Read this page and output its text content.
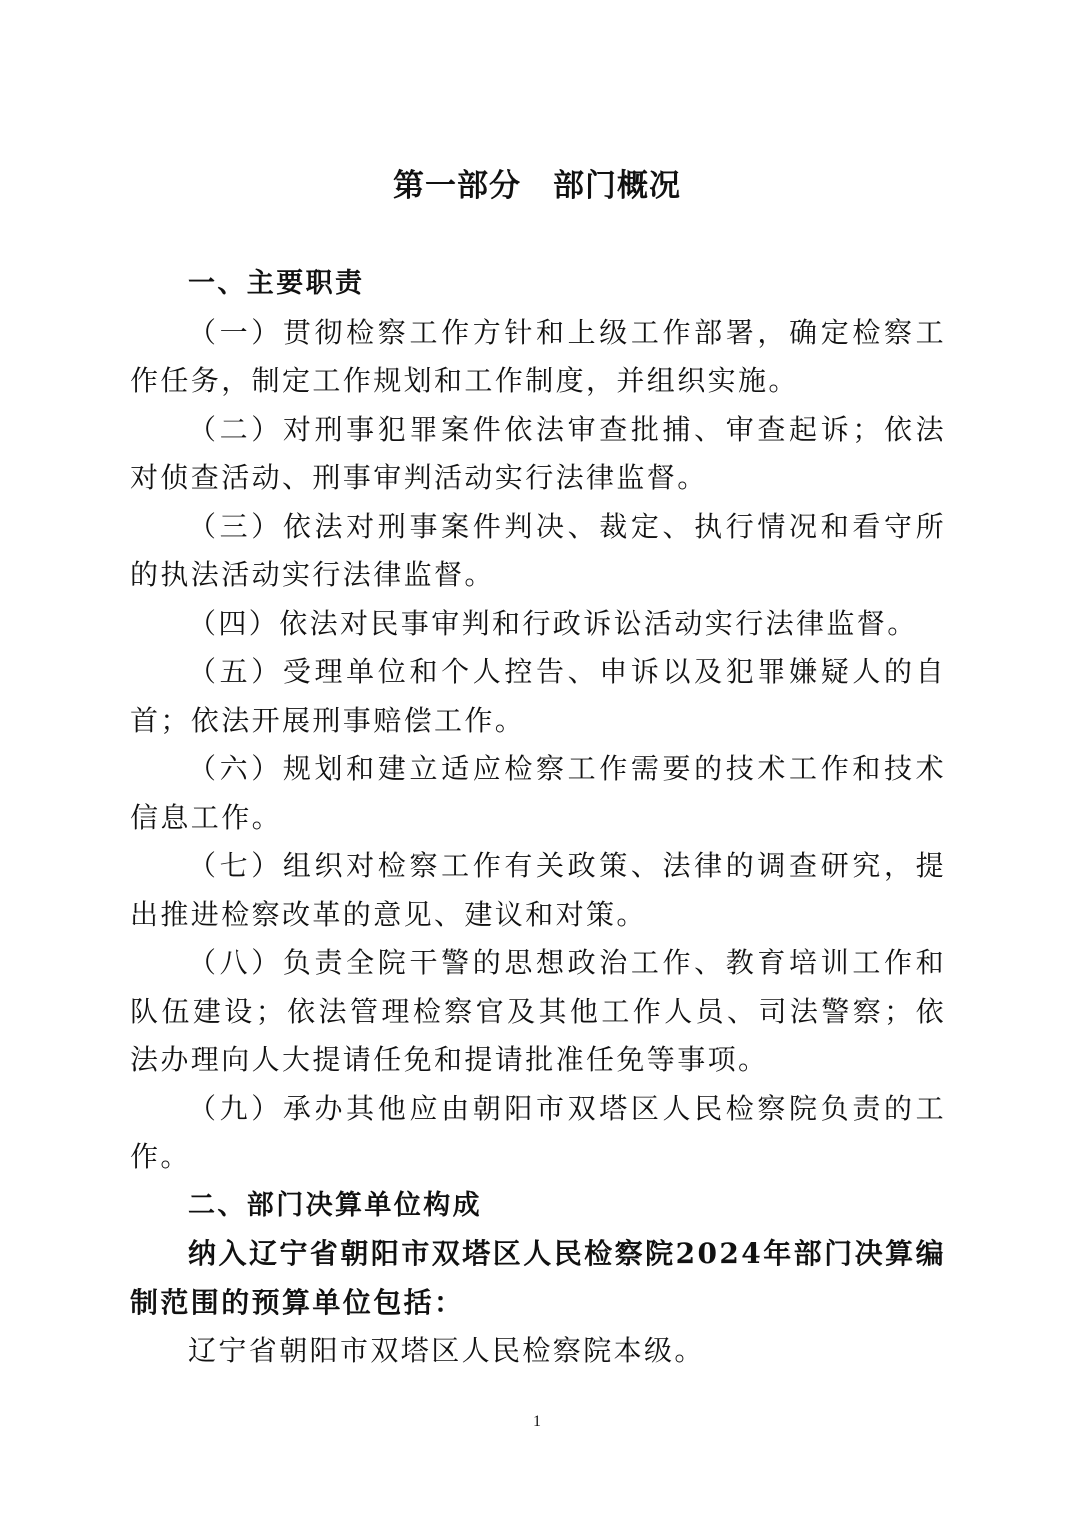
第一部分　部门概况

一、主要职责

（一）贯彻检察工作方针和上级工作部署，确定检察工作任务，制定工作规划和工作制度，并组织实施。

（二）对刑事犯罪案件依法审查批捕、审查起诉；依法对侦查活动、刑事审判活动实行法律监督。

（三）依法对刑事案件判决、裁定、执行情况和看守所的执法活动实行法律监督。

（四）依法对民事审判和行政诉讼活动实行法律监督。

（五）受理单位和个人控告、申诉以及犯罪嫌疑人的自首；依法开展刑事赔偿工作。

（六）规划和建立适应检察工作需要的技术工作和技术信息工作。

（七）组织对检察工作有关政策、法律的调查研究，提出推进检察改革的意见、建议和对策。

（八）负责全院干警的思想政治工作、教育培训工作和队伍建设；依法管理检察官及其他工作人员、司法警察；依法办理向人大提请任免和提请批准任免等事项。

（九）承办其他应由朝阳市双塔区人民检察院负责的工作。

二、部门决算单位构成

纳入辽宁省朝阳市双塔区人民检察院2024年部门决算编制范围的预算单位包括：

辽宁省朝阳市双塔区人民检察院本级。

1
